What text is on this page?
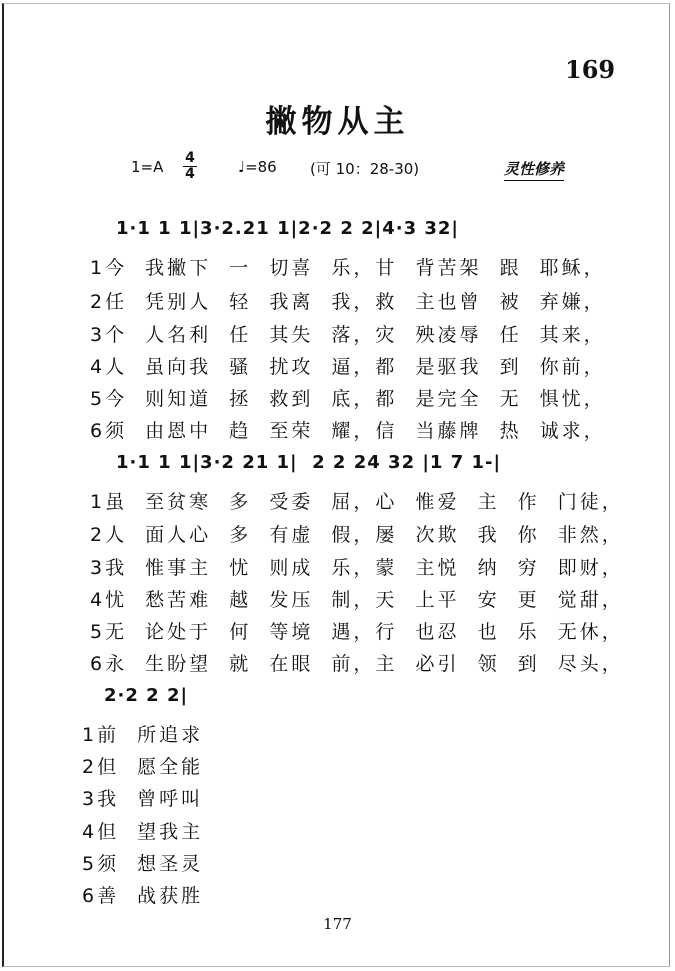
169
撇物从主
1=A 4
4	♩=86 (可 10：28-30)	灵性修养
1·1 1 1|3·2.21 1|2·2 2 2|4·3 32|
1今  我撇下  一  切喜  乐，甘  背苦架  跟  耶稣，
2任  凭别人  轻  我离  我，救  主也曾  被  弃嫌，
3个  人名利  任  其失  落，灾  殃凌辱  任  其来，
4人  虽向我  骚  扰攻  逼，都  是驱我  到  你前，
5今  则知道  拯  救到  底，都  是完全  无  惧忧，
6须  由恩中  趋  至荣  耀，信  当藤牌  热  诚求，
1·1 1 1|3·2 21 1|  2 2 24 32 |1 7 1-|
1虽  至贫寒  多  受委  屈，心  惟爱  主  作  门徒，
2人  面人心  多  有虚  假，屡  次欺  我  你  非然，
3我  惟事主  忧  则成  乐，蒙  主悦  纳  穷  即财，
4忧  愁苦难  越  发压  制，天  上平  安  更  觉甜，
5无  论处于  何  等境  遇，行  也忍  也  乐  无休，
6永  生盼望  就  在眼  前，主  必引  领  到  尽头，
2·2 2 2|
1前  所追求
2但  愿全能
3我  曾呼叫
4但  望我主
5须  想圣灵
6善  战获胜
177
